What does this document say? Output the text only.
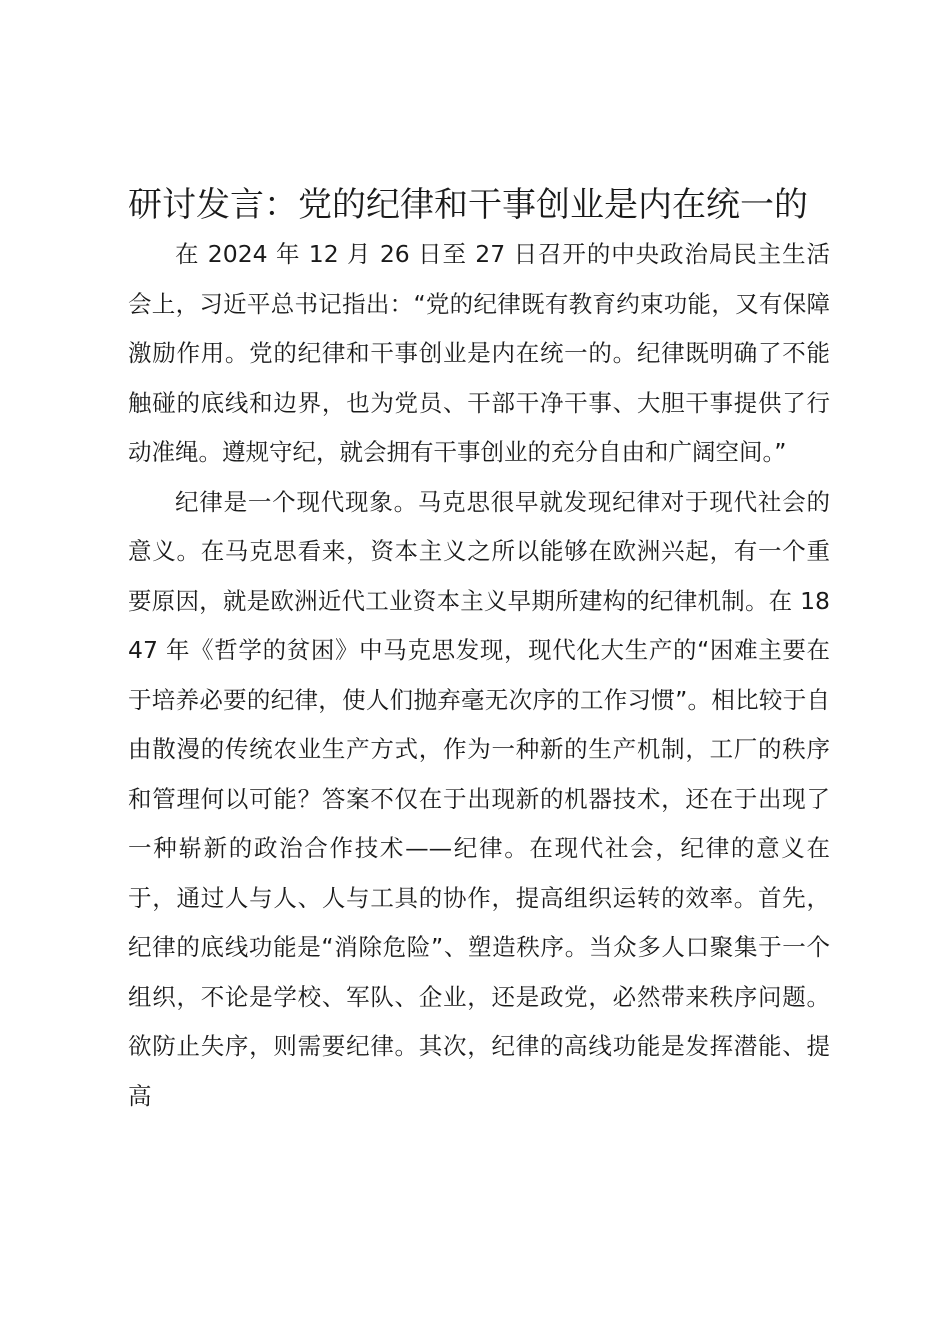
研讨发言：党的纪律和干事创业是内在统一的

在 2024 年 12 月 26 日至 27 日召开的中央政治局民主生活会上，习近平总书记指出：“党的纪律既有教育约束功能，又有保障激励作用。党的纪律和干事创业是内在统一的。纪律既明确了不能触碰的底线和边界，也为党员、干部干净干事、大胆干事提供了行动准绳。遵规守纪，就会拥有干事创业的充分自由和广阔空间。”

纪律是一个现代现象。马克思很早就发现纪律对于现代社会的意义。在马克思看来，资本主义之所以能够在欧洲兴起，有一个重要原因，就是欧洲近代工业资本主义早期所建构的纪律机制。在 1847 年《哲学的贫困》中马克思发现，现代化大生产的“困难主要在于培养必要的纪律，使人们抛弃毫无次序的工作习惯”。相比较于自由散漫的传统农业生产方式，作为一种新的生产机制，工厂的秩序和管理何以可能？答案不仅在于出现新的机器技术，还在于出现了一种崭新的政治合作技术——纪律。在现代社会，纪律的意义在于，通过人与人、人与工具的协作，提高组织运转的效率。首先，纪律的底线功能是“消除危险”、塑造秩序。当众多人口聚集于一个组织，不论是学校、军队、企业，还是政党，必然带来秩序问题。欲防止失序，则需要纪律。其次，纪律的高线功能是发挥潜能、提高
